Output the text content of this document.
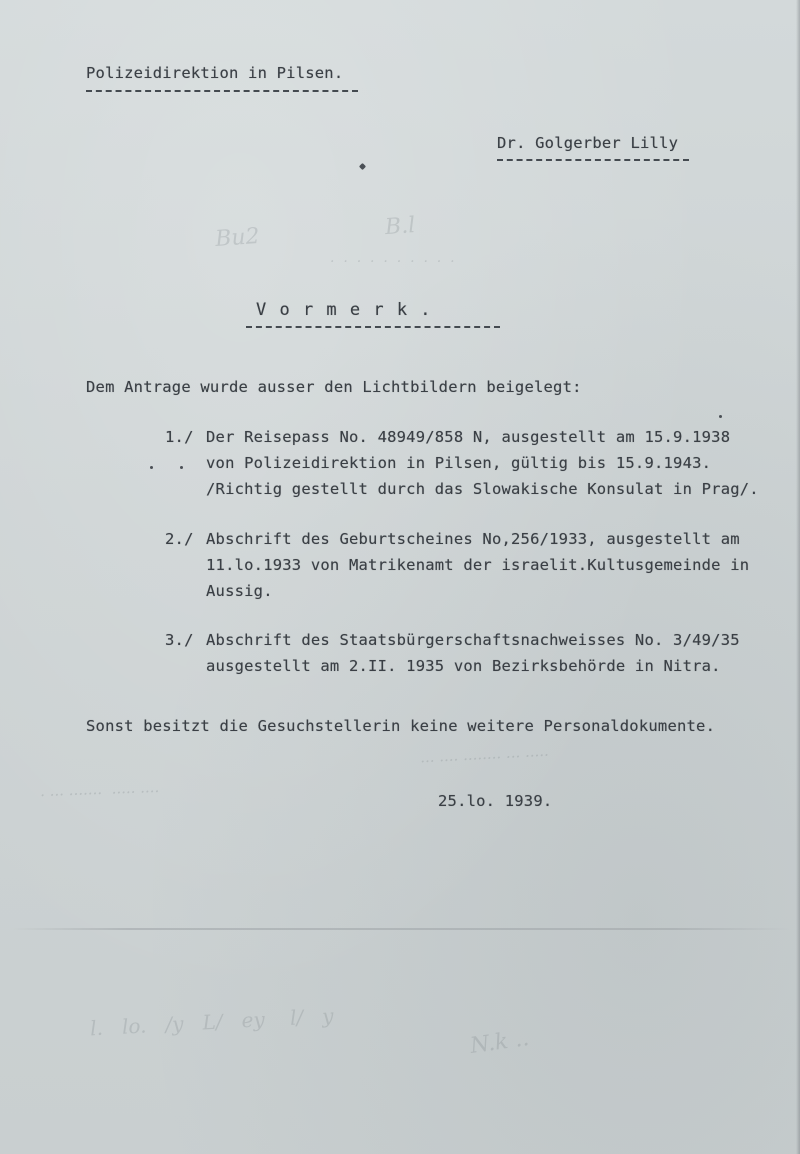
Bu2                  B.l
.  .  .  .  .  .  .  .  .  .
... .... ........ ... .....
. ... .......  ..... ....
l.   lo.   /y   L/   ey    l/   y
N.k ..
Polizeidirektion in Pilsen.
Dr. Golgerber Lilly
V o r m e r k .
Dem Antrage wurde ausser den Lichtbildern beigelegt:
1./ Der Reisepass No. 48949/858 N, ausgestellt am 15.9.1938
von Polizeidirektion in Pilsen, gültig bis 15.9.1943.
/Richtig gestellt durch das Slowakische Konsulat in Prag/.
2./ Abschrift des Geburtscheines No,256/1933, ausgestellt am
11.lo.1933 von Matrikenamt der israelit.Kultusgemeinde in
Aussig.
3./ Abschrift des Staatsbürgerschaftsnachweisses No. 3/49/35
ausgestellt am 2.II. 1935 von Bezirksbehörde in Nitra.
Sonst besitzt die Gesuchstellerin keine weitere Personaldokumente.
25.lo. 1939.
